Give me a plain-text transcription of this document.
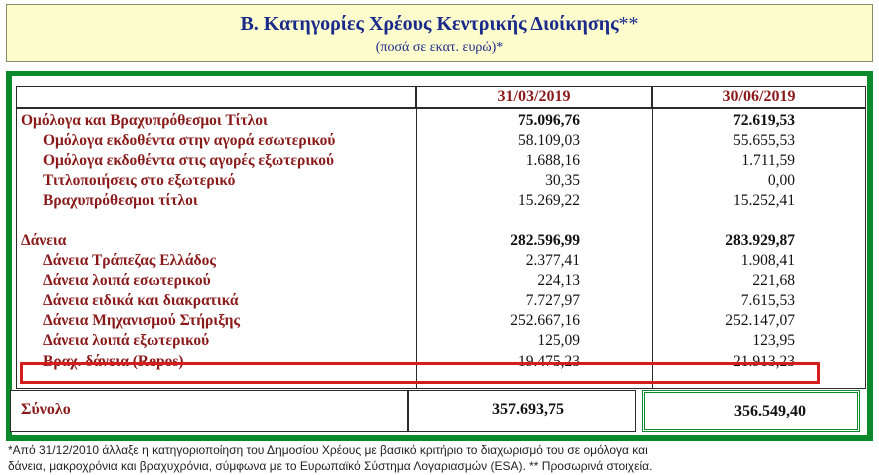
Β. Κατηγορίες Χρέους Κεντρικής Διοίκησης**
(ποσά σε εκατ. ευρώ)*
31/03/2019	30/06/2019
Ομόλογα και Βραχυπρόθεσμοι Τίτλοι	75.096,76	72.619,53
Ομόλογα εκδοθέντα στην αγορά εσωτερικού	58.109,03	55.655,53
Ομόλογα εκδοθέντα στις αγορές εξωτερικού	1.688,16	1.711,59
Τιτλοποιήσεις στο εξωτερικό	30,35	0,00
Βραχυπρόθεσμοι τίτλοι	15.269,22	15.252,41
Δάνεια	282.596,99	283.929,87
Δάνεια Τράπεζας Ελλάδος	2.377,41	1.908,41
Δάνεια λοιπά εσωτερικού	224,13	221,68
Δάνεια ειδικά και διακρατικά	7.727,97	7.615,53
Δάνεια Μηχανισμού Στήριξης	252.667,16	252.147,07
Δάνεια λοιπά εξωτερικού	125,09	123,95
Βραχ. δάνεια (Repos)	19.475,23	21.913,23
Σύνολο	357.693,75	356.549,40
*Από 31/12/2010 άλλαξε η κατηγοριοποίηση του Δημοσίου Χρέους με βασικό κριτήριο το διαχωρισμό του σε ομόλογα και
δάνεια, μακροχρόνια και βραχυχρόνια, σύμφωνα με το Ευρωπαϊκό Σύστημα Λογαριασμών (ESA). ** Προσωρινά στοιχεία.
